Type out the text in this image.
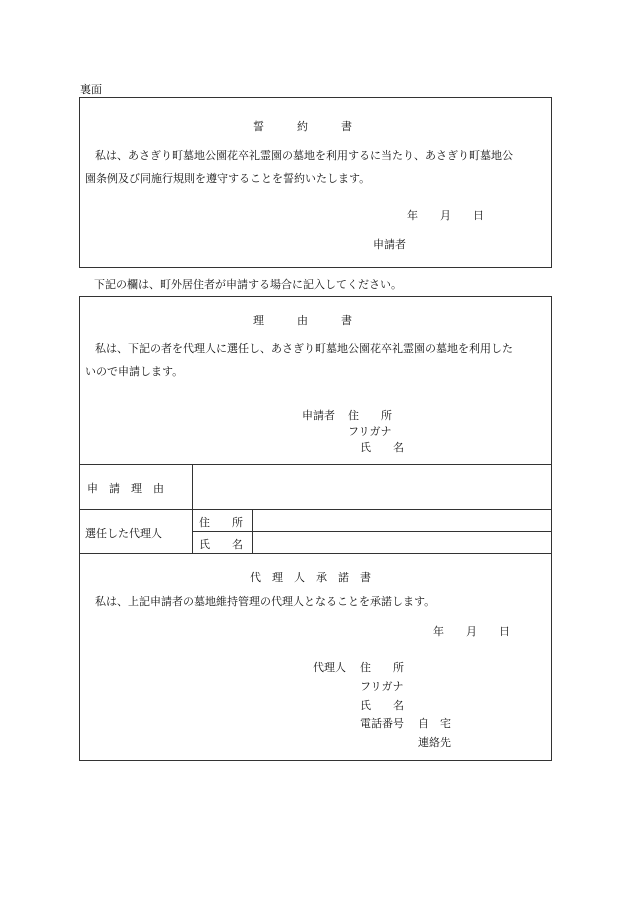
裏面
誓　　　約　　　書
私は、あさぎり町墓地公園花卒礼霊園の墓地を利用するに当たり、あさぎり町墓地公
園条例及び同施行規則を遵守することを誓約いたします。
年　　月　　日
申請者
下記の欄は、町外居住者が申請する場合に記入してください。
理　　　由　　　書
私は、下記の者を代理人に選任し、あさぎり町墓地公園花卒礼霊園の墓地を利用した
いので申請します。
申請者 住　　所
フリガナ
氏　　名
申　請　理　由
選任した代理人
住　　所
氏　　名
代　理　人　承　諾　書
私は、上記申請者の墓地維持管理の代理人となることを承諾します。
年　　月　　日
代理人 住　　所
フリガナ
氏　　名
電話番号 自　宅
連絡先
